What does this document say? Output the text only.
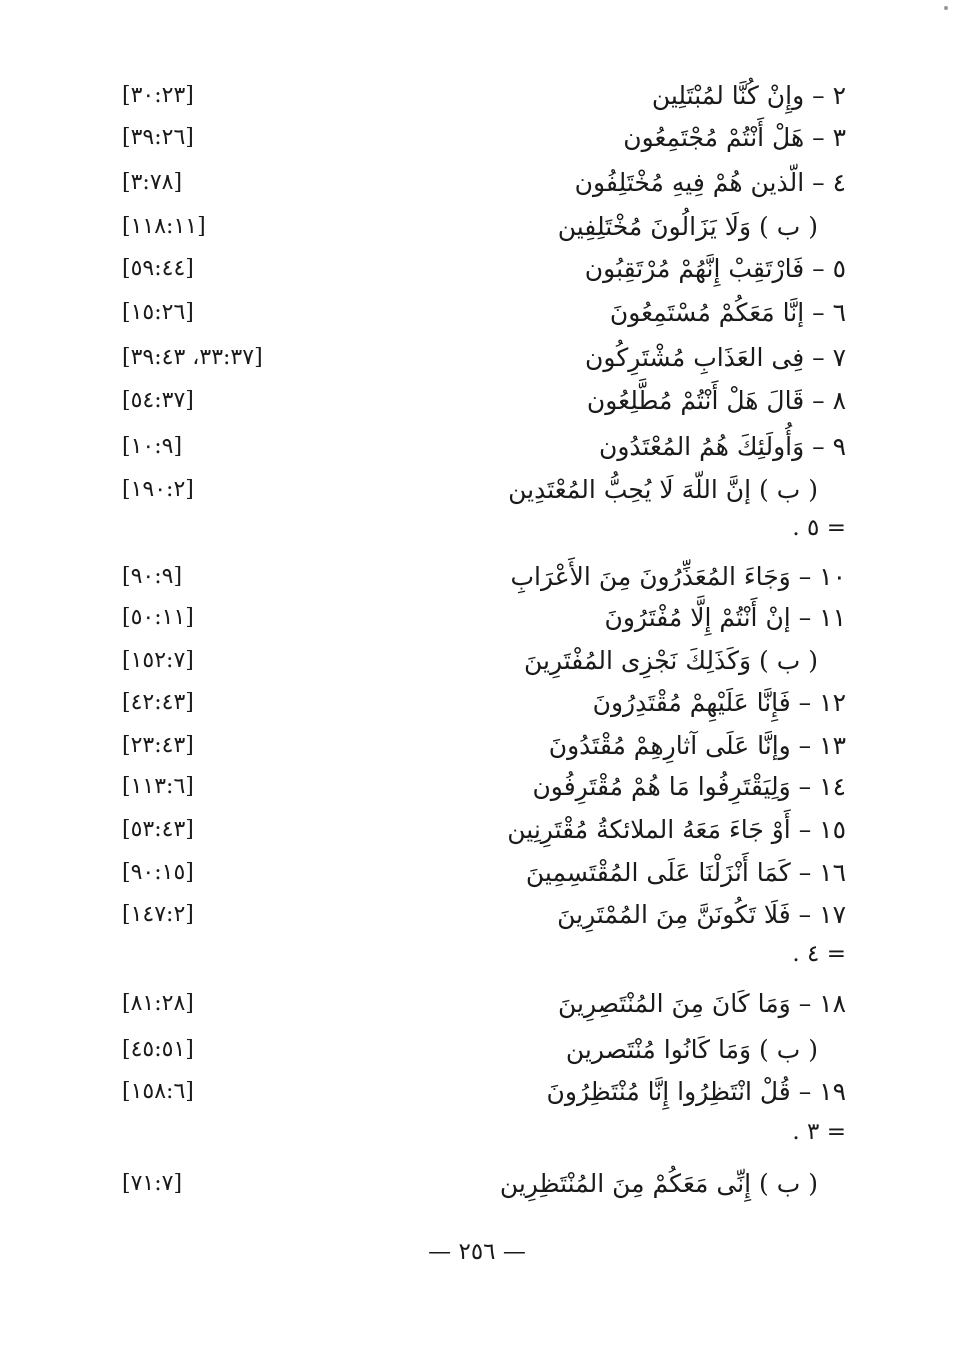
٢ – وإِنْ كُنَّا لمُبْتَلِين
[٣٠:٢٣]
٣ – هَلْ أَنْتُمْ مُجْتَمِعُون
[٣٩:٢٦]
٤ – الّذين هُمْ فِيهِ مُخْتَلِفُون
[٣:٧٨]
( ب ) وَلَا يَزَالُونَ مُخْتَلِفِين
[١١٨:١١]
٥ – فَارْتَقِبْ إِنَّهُمْ مُرْتَقِبُون
[٥٩:٤٤]
٦ – إنَّا مَعَكُمْ مُسْتَمِعُونَ
[١٥:٢٦]
٧ – فِى العَذَابِ مُشْتَرِكُون
[٣٣:٣٧، ٣٩:٤٣]
٨ – قَالَ هَلْ أَنْتُمْ مُطَّلِعُون
[٥٤:٣٧]
٩ – وَأُولَئِكَ هُمُ المُعْتَدُون
[١٠:٩]
( ب ) إنَّ اللّهَ لَا يُحِبُّ المُعْتَدِين
[١٩٠:٢]
= ٥ .
١٠ – وَجَاءَ المُعَذِّرُونَ مِنَ الأَعْرَابِ
[٩٠:٩]
١١ – إنْ أَنْتُمْ إِلَّا مُفْتَرُونَ
[٥٠:١١]
( ب ) وَكَذَلِكَ نَجْزِى المُفْتَرِينَ
[١٥٢:٧]
١٢ – فَإِنَّا عَلَيْهِمْ مُقْتَدِرُونَ
[٤٢:٤٣]
١٣ – وإنَّا عَلَى آثارِهِمْ مُقْتَدُونَ
[٢٣:٤٣]
١٤ – وَلِيَقْتَرِفُوا مَا هُمْ مُقْتَرِفُون
[١١٣:٦]
١٥ – أَوْ جَاءَ مَعَهُ الملائكةُ مُقْتَرِنِين
[٥٣:٤٣]
١٦ – كَمَا أَنْزَلْنَا عَلَى المُقْتَسِمِينَ
[٩٠:١٥]
١٧ – فَلَا تَكُونَنَّ مِنَ المُمْتَرِينَ
[١٤٧:٢]
= ٤ .
١٨ – وَمَا كَانَ مِنَ المُنْتَصِرِينَ
[٨١:٢٨]
( ب ) وَمَا كَانُوا مُنْتَصرين
[٤٥:٥١]
١٩ – قُلْ انْتَظِرُوا إِنَّا مُنْتَظِرُونَ
[١٥٨:٦]
= ٣ .
( ب ) إِنِّى مَعَكُمْ مِنَ المُنْتَظِرِين
[٧١:٧]
— ٢٥٦ —
